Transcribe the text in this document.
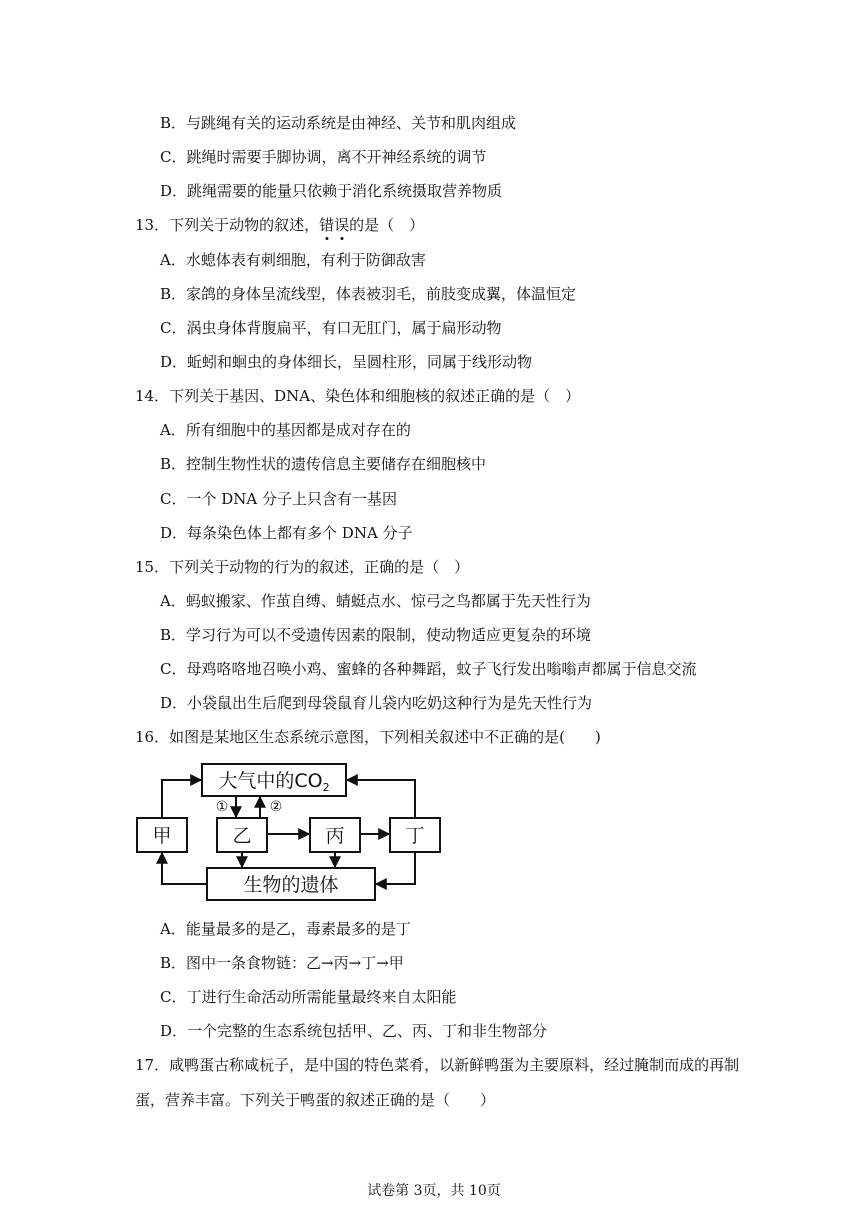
B．与跳绳有关的运动系统是由神经、关节和肌肉组成
C．跳绳时需要手脚协调，离不开神经系统的调节
D．跳绳需要的能量只依赖于消化系统摄取营养物质
13．下列关于动物的叙述，错
误
的是（　）
A．水螅体表有刺细胞，有利于防御敌害
B．家鸽的身体呈流线型，体表被羽毛，前肢变成翼，体温恒定
C．涡虫身体背腹扁平，有口无肛门，属于扁形动物
D．蚯蚓和蛔虫的身体细长，呈圆柱形，同属于线形动物
14．下列关于基因、DNA、染色体和细胞核的叙述正确的是（　）
A．所有细胞中的基因都是成对存在的
B．控制生物性状的遗传信息主要储存在细胞核中
C．一个 DNA 分子上只含有一基因
D．每条染色体上都有多个 DNA 分子
15．下列关于动物的行为的叙述，正确的是（　）
A．蚂蚁搬家、作茧自缚、蜻蜓点水、惊弓之鸟都属于先天性行为
B．学习行为可以不受遗传因素的限制，使动物适应更复杂的环境
C．母鸡咯咯地召唤小鸡、蜜蜂的各种舞蹈，蚊子飞行发出嗡嗡声都属于信息交流
D．小袋鼠出生后爬到母袋鼠育儿袋内吃奶这种行为是先天性行为
16．如图是某地区生态系统示意图，下列相关叙述中不正确的是(　　)
大气中的$CO_2$
甲	乙	丙	丁
生物的遗体
①	②
A．能量最多的是乙，毒素最多的是丁
B．图中一条食物链：乙→丙→丁→甲
C．丁进行生命活动所需能量最终来自太阳能
D．一个完整的生态系统包括甲、乙、丙、丁和非生物部分
17．咸鸭蛋古称咸杬子，是中国的特色菜肴，以新鲜鸭蛋为主要原料，经过腌制而成的再制蛋，营养丰富。下列关于鸭蛋的叙述正确的是（　　）
试卷第 3页，共 10页
